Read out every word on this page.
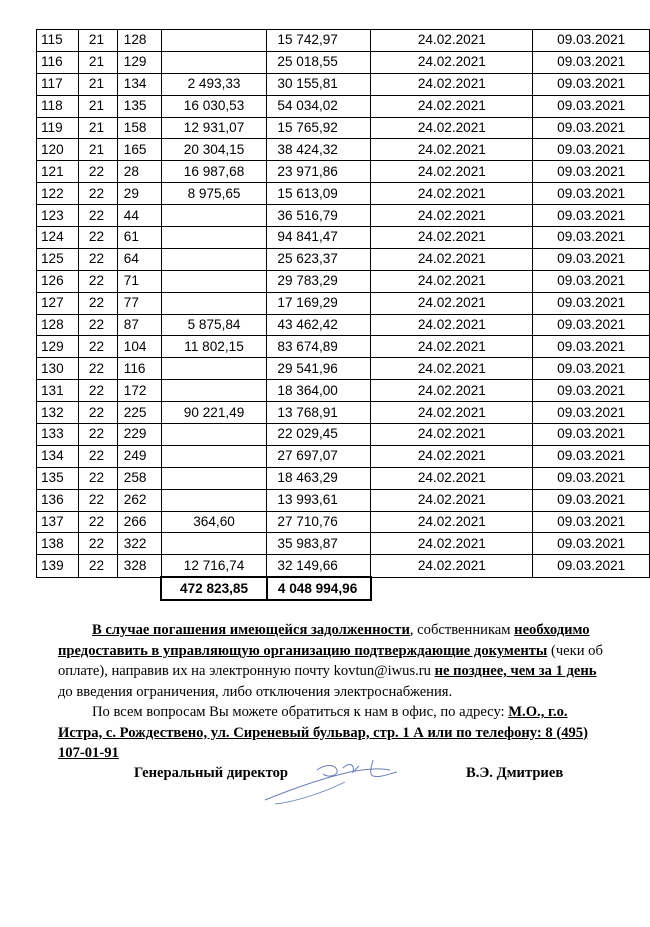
115	21	128		15 742,97	24.02.2021	09.03.2021
116	21	129		25 018,55	24.02.2021	09.03.2021
117	21	134	2 493,33	30 155,81	24.02.2021	09.03.2021
118	21	135	16 030,53	54 034,02	24.02.2021	09.03.2021
119	21	158	12 931,07	15 765,92	24.02.2021	09.03.2021
120	21	165	20 304,15	38 424,32	24.02.2021	09.03.2021
121	22	28	16 987,68	23 971,86	24.02.2021	09.03.2021
122	22	29	8 975,65	15 613,09	24.02.2021	09.03.2021
123	22	44		36 516,79	24.02.2021	09.03.2021
124	22	61		94 841,47	24.02.2021	09.03.2021
125	22	64		25 623,37	24.02.2021	09.03.2021
126	22	71		29 783,29	24.02.2021	09.03.2021
127	22	77		17 169,29	24.02.2021	09.03.2021
128	22	87	5 875,84	43 462,42	24.02.2021	09.03.2021
129	22	104	11 802,15	83 674,89	24.02.2021	09.03.2021
130	22	116		29 541,96	24.02.2021	09.03.2021
131	22	172		18 364,00	24.02.2021	09.03.2021
132	22	225	90 221,49	13 768,91	24.02.2021	09.03.2021
133	22	229		22 029,45	24.02.2021	09.03.2021
134	22	249		27 697,07	24.02.2021	09.03.2021
135	22	258		18 463,29	24.02.2021	09.03.2021
136	22	262		13 993,61	24.02.2021	09.03.2021
137	22	266	364,60	27 710,76	24.02.2021	09.03.2021
138	22	322		35 983,87	24.02.2021	09.03.2021
139	22	328	12 716,74	32 149,66	24.02.2021	09.03.2021
			472 823,85	4 048 994,96		

В случае погашения имеющейся задолженности, собственникам необходимо предоставить в управляющую организацию подтверждающие документы (чеки об оплате), направив их на электронную почту kovtun@iwus.ru не позднее, чем за 1 день до введения ограничения, либо отключения электроснабжения.

По всем вопросам Вы можете обратиться к нам в офис, по адресу: М.О., г.о. Истра, с. Рождествено, ул. Сиреневый бульвар, стр. 1 А или по телефону: 8 (495) 107-01-91

Генеральный директор	В.Э. Дмитриев
